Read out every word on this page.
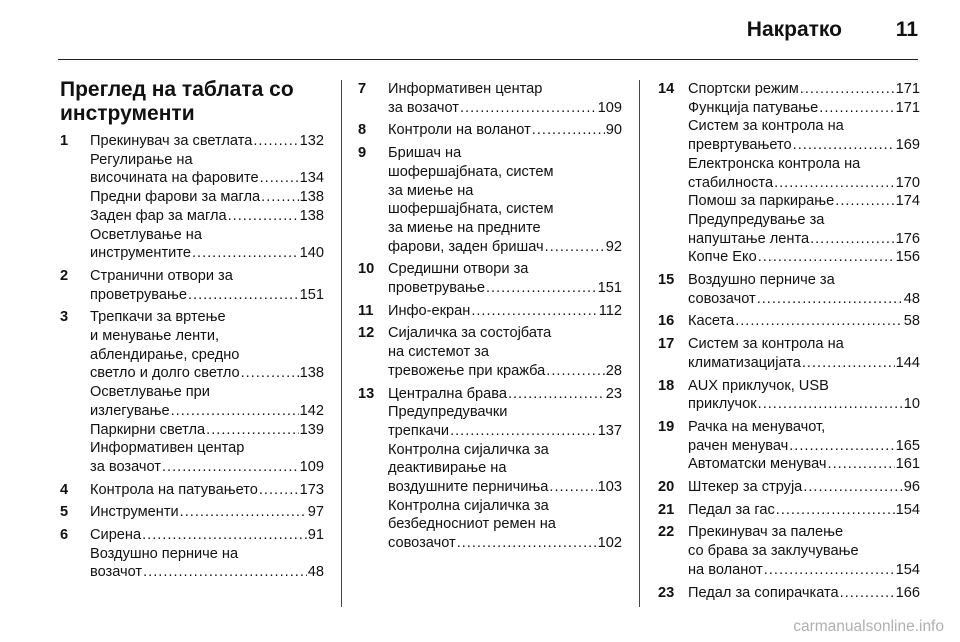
Накратко	11
Преглед на таблата со инструменти
1	Прекинувач за светлата .....	132
Регулирање на
височината на фаровите .....	134
Предни фарови за магла .....	138
Заден фар за магла .....	138
Осветлување на
инструментите .....	140
2	Странични отвори за
проветрување .....	151
3	Трепкачи за вртење
и менување ленти,
аблендирање, средно
светло и долго светло .....	138
Осветлување при
излегување .....	142
Паркирни светла .....	139
Информативен центар
за возачот .....	109
4	Контрола на патувањето .....	173
5	Инструменти .....	97
6	Сирена .....	91
Воздушно перниче на
возачот .....	48
7	Информативен центар
за возачот .....	109
8	Контроли на воланот .....	90
9	Бришач на
шофершајбната, систем
за миење на
шофершајбната, систем
за миење на предните
фарови, заден бришач .....	92
10 Средишни отвори за
проветрување .....	151
11 Инфо-екран .....	112
12 Сијаличка за состојбата
на системот за
тревожење при кражба .....	28
13 Централна брава .....	23
Предупредувачки
трепкачи .....	137
Контролна сијаличка за
деактивирање на
воздушните перничиња .....	103
Контролна сијаличка за
безбедносниот ремен на
совозачот .....	102
14 Спортски режим .....	171
Функција патување .....	171
Систем за контрола на
превртувањето .....	169
Електронска контрола на
стабилноста .....	170
Помош за паркирање .....	174
Предупредување за
напуштање лента .....	176
Копче Еко .....	156
15 Воздушно перниче за
совозачот .....	48
16 Касета .....	58
17 Систем за контрола на
климатизацијата .....	144
18 AUX приклучок, USB
приклучок .....	10
19 Рачка на менувачот,
рачен менувач .....	165
Автоматски менувач .....	161
20 Штекер за струја .....	96
21 Педал за гас .....	154
22 Прекинувач за палење
со брава за заклучување
на воланот .....	154
23 Педал за сопирачката .....	166
carmanualsonline.info
